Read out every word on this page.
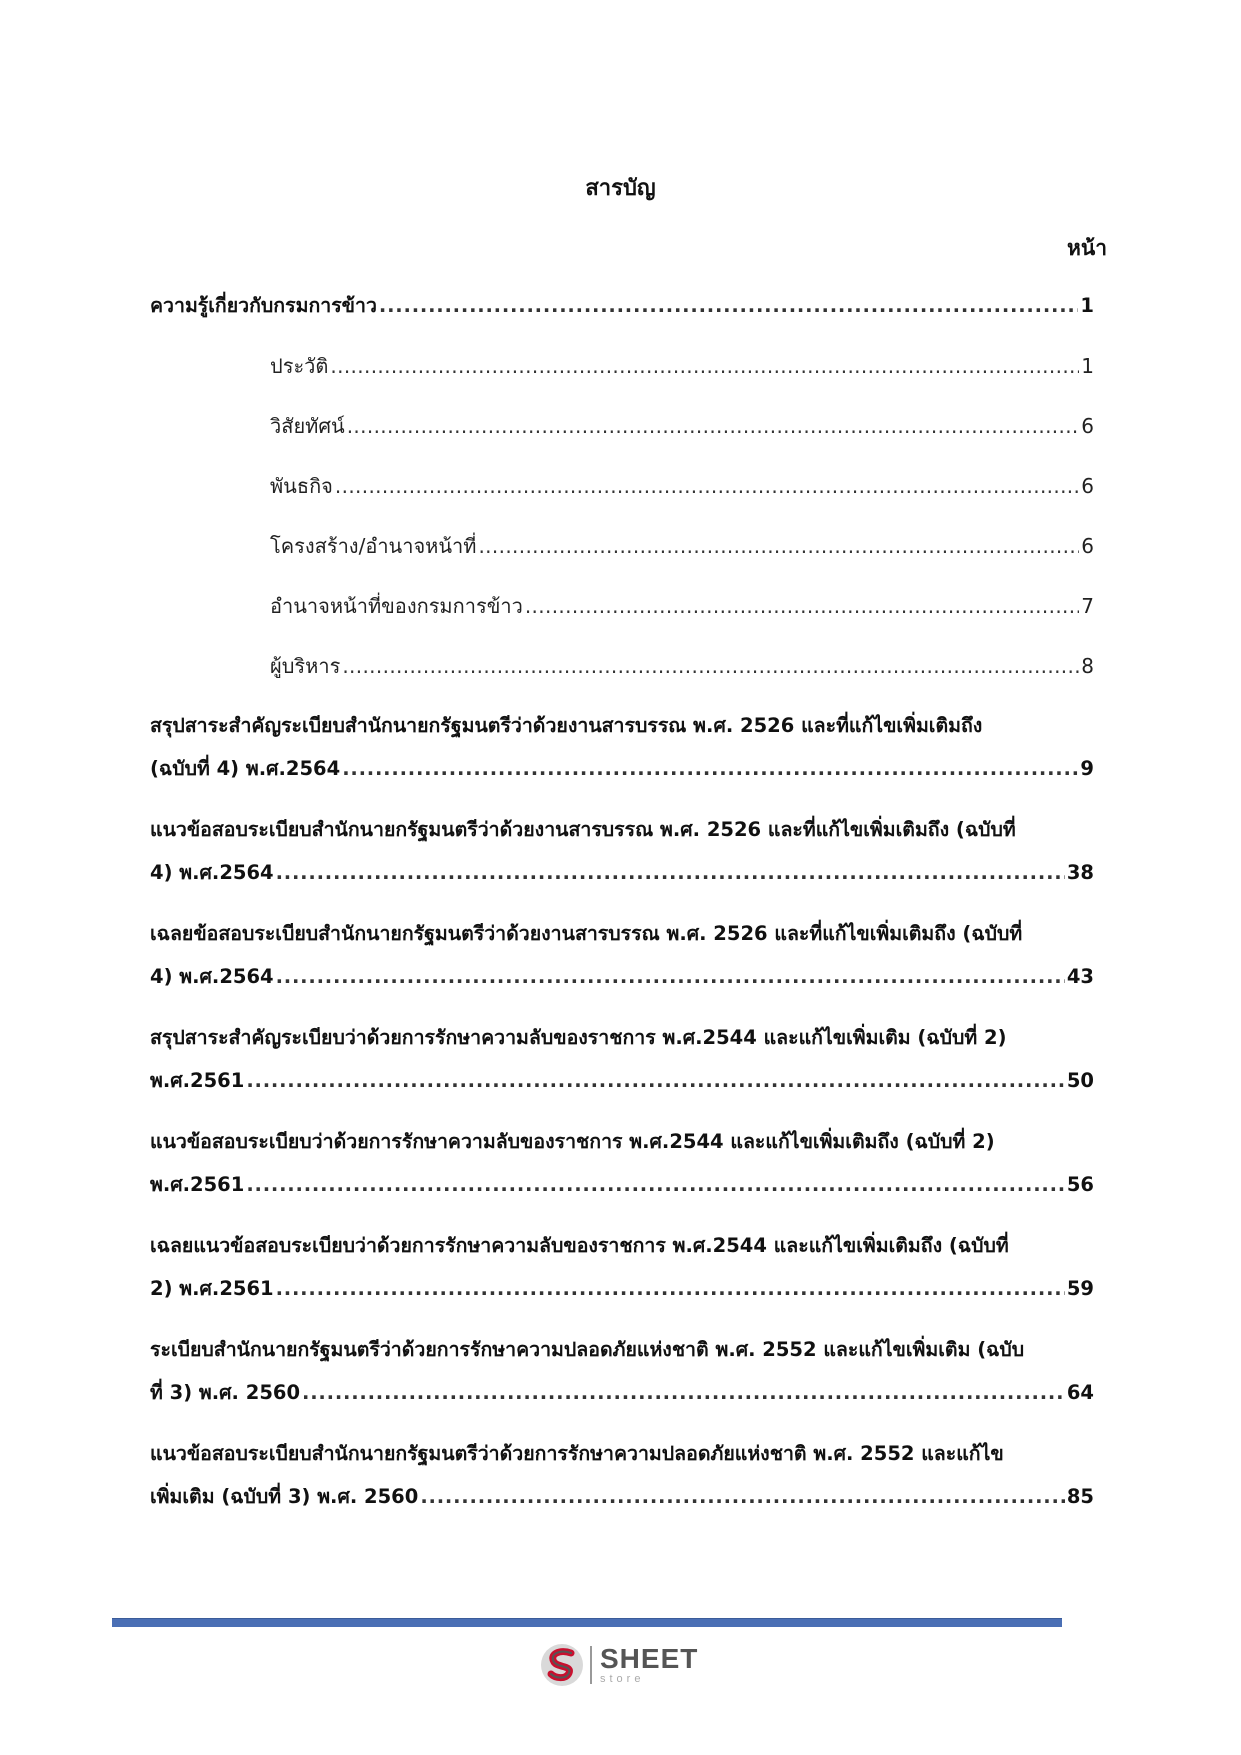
สารบัญ
หน้า
ความรู้เกี่ยวกับกรมการข้าว . . .	1
ประวัติ . . .	1
วิสัยทัศน์ . . .	6
พันธกิจ . . .	6
โครงสร้าง/อำนาจหน้าที่ . . .	6
อำนาจหน้าที่ของกรมการข้าว . . .	7
ผู้บริหาร . . .	8
สรุปสาระสำคัญระเบียบสำนักนายกรัฐมนตรีว่าด้วยงานสารบรรณ พ.ศ. 2526 และที่แก้ไขเพิ่มเติมถึง
(ฉบับที่ 4) พ.ศ.2564 . . .	9
แนวข้อสอบระเบียบสำนักนายกรัฐมนตรีว่าด้วยงานสารบรรณ พ.ศ. 2526 และที่แก้ไขเพิ่มเติมถึง (ฉบับที่
4) พ.ศ.2564 . . .	38
เฉลยข้อสอบระเบียบสำนักนายกรัฐมนตรีว่าด้วยงานสารบรรณ พ.ศ. 2526 และที่แก้ไขเพิ่มเติมถึง (ฉบับที่
4) พ.ศ.2564 . . .	43
สรุปสาระสำคัญระเบียบว่าด้วยการรักษาความลับของราชการ พ.ศ.2544 และแก้ไขเพิ่มเติม (ฉบับที่ 2)
พ.ศ.2561 . . .	50
แนวข้อสอบระเบียบว่าด้วยการรักษาความลับของราชการ พ.ศ.2544 และแก้ไขเพิ่มเติมถึง (ฉบับที่ 2)
พ.ศ.2561 . . .	56
เฉลยแนวข้อสอบระเบียบว่าด้วยการรักษาความลับของราชการ พ.ศ.2544 และแก้ไขเพิ่มเติมถึง (ฉบับที่
2) พ.ศ.2561 . . .	59
ระเบียบสำนักนายกรัฐมนตรีว่าด้วยการรักษาความปลอดภัยแห่งชาติ พ.ศ. 2552 และแก้ไขเพิ่มเติม (ฉบับ
ที่ 3) พ.ศ. 2560 . . .	64
แนวข้อสอบระเบียบสำนักนายกรัฐมนตรีว่าด้วยการรักษาความปลอดภัยแห่งชาติ พ.ศ. 2552 และแก้ไข
เพิ่มเติม (ฉบับที่ 3) พ.ศ. 2560 . . .	85
SHEET
store
